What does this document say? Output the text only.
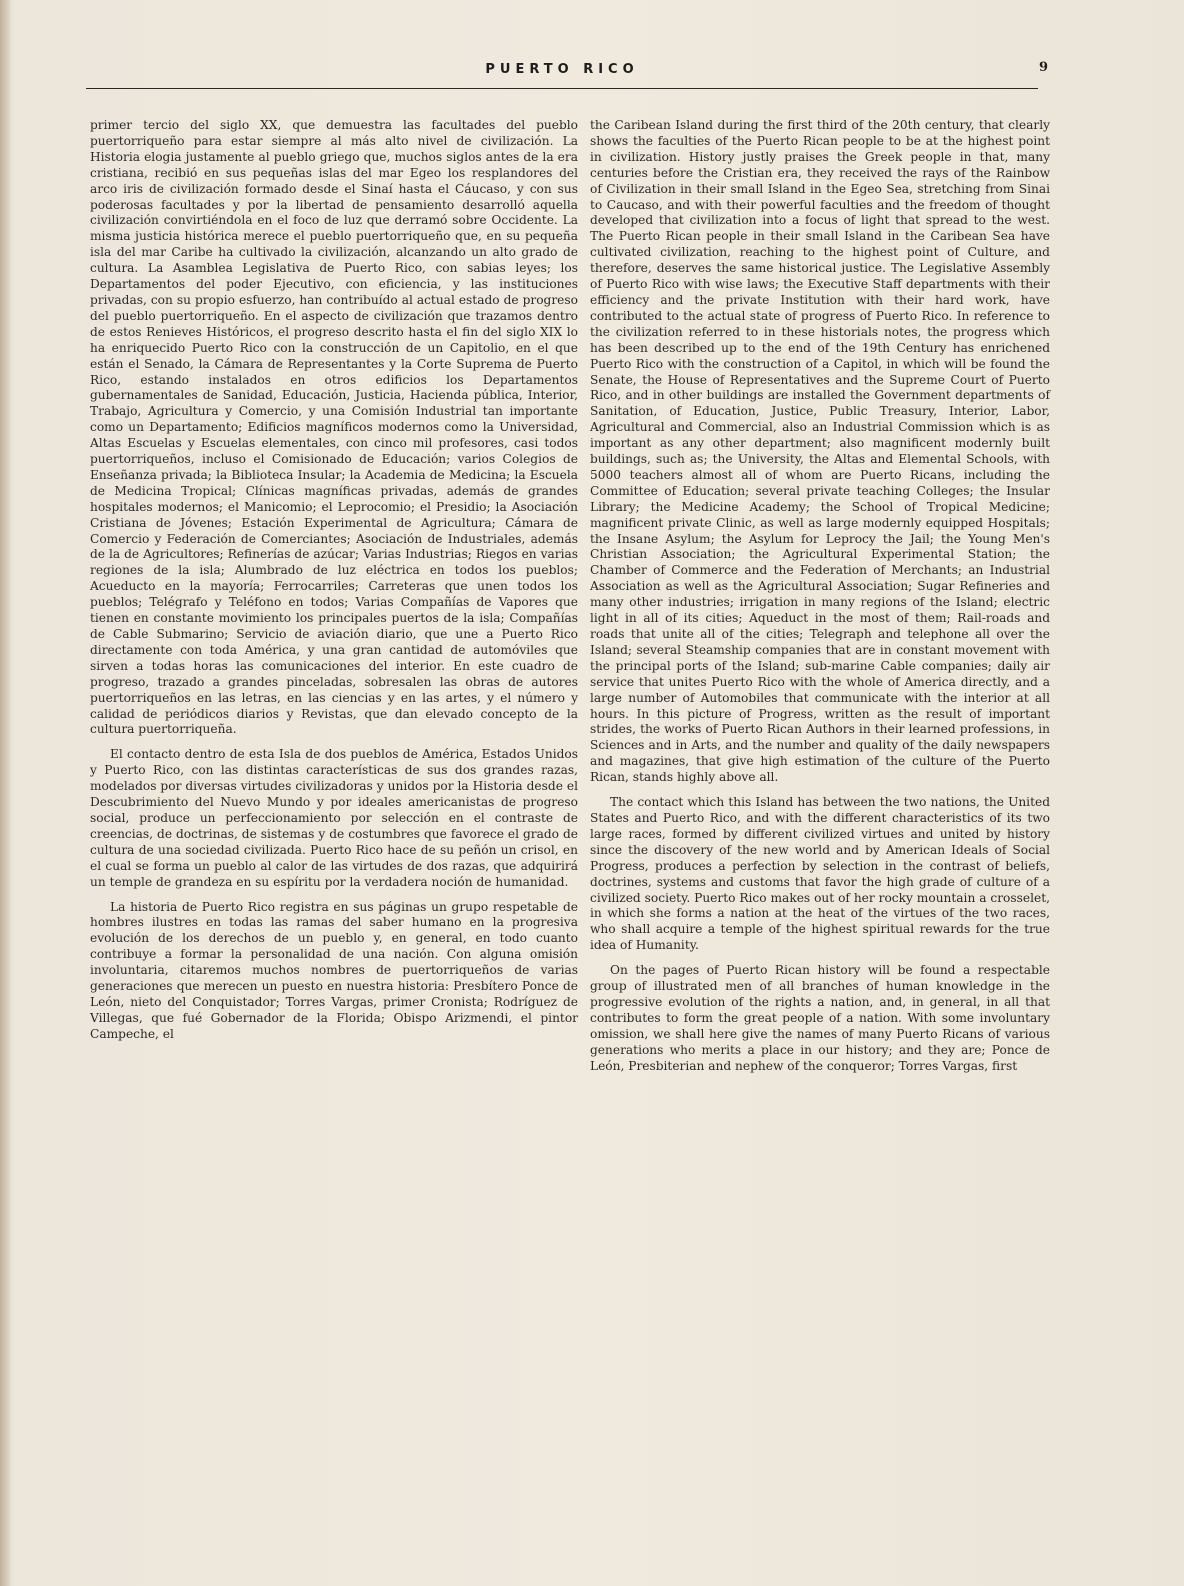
PUERTO RICO	9

primer tercio del siglo XX, que demuestra las facultades del pueblo puertorriqueño para estar siempre al más alto nivel de civilización. La Historia elogia justamente al pueblo griego que, muchos siglos antes de la era cristiana, recibió en sus pequeñas islas del mar Egeo los resplandores del arco iris de civilización formado desde el Sinaí hasta el Cáucaso, y con sus poderosas facultades y por la libertad de pensamiento desarrolló aquella civilización convirtiéndola en el foco de luz que derramó sobre Occidente. La misma justicia histórica merece el pueblo puertorriqueño que, en su pequeña isla del mar Caribe ha cultivado la civilización, alcanzando un alto grado de cultura. La Asamblea Legislativa de Puerto Rico, con sabias leyes; los Departamentos del poder Ejecutivo, con eficiencia, y las instituciones privadas, con su propio esfuerzo, han contribuído al actual estado de progreso del pueblo puertorriqueño. En el aspecto de civilización que trazamos dentro de estos Renieves Históricos, el progreso descrito hasta el fin del siglo XIX lo ha enriquecido Puerto Rico con la construcción de un Capitolio, en el que están el Senado, la Cámara de Representantes y la Corte Suprema de Puerto Rico, estando instalados en otros edificios los Departamentos gubernamentales de Sanidad, Educación, Justicia, Hacienda pública, Interior, Trabajo, Agricultura y Comercio, y una Comisión Industrial tan importante como un Departamento; Edificios magníficos modernos como la Universidad, Altas Escuelas y Escuelas elementales, con cinco mil profesores, casi todos puertorriqueños, incluso el Comisionado de Educación; varios Colegios de Enseñanza privada; la Biblioteca Insular; la Academia de Medicina; la Escuela de Medicina Tropical; Clínicas magníficas privadas, además de grandes hospitales modernos; el Manicomio; el Leprocomio; el Presidio; la Asociación Cristiana de Jóvenes; Estación Experimental de Agricultura; Cámara de Comercio y Federación de Comerciantes; Asociación de Industriales, además de la de Agricultores; Refinerías de azúcar; Varias Industrias; Riegos en varias regiones de la isla; Alumbrado de luz eléctrica en todos los pueblos; Acueducto en la mayoría; Ferrocarriles; Carreteras que unen todos los pueblos; Telégrafo y Teléfono en todos; Varias Compañías de Vapores que tienen en constante movimiento los principales puertos de la isla; Compañías de Cable Submarino; Servicio de aviación diario, que une a Puerto Rico directamente con toda América, y una gran cantidad de automóviles que sirven a todas horas las comunicaciones del interior. En este cuadro de progreso, trazado a grandes pinceladas, sobresalen las obras de autores puertorriqueños en las letras, en las ciencias y en las artes, y el número y calidad de periódicos diarios y Revistas, que dan elevado concepto de la cultura puertorriqueña.

El contacto dentro de esta Isla de dos pueblos de América, Estados Unidos y Puerto Rico, con las distintas características de sus dos grandes razas, modelados por diversas virtudes civilizadoras y unidos por la Historia desde el Descubrimiento del Nuevo Mundo y por ideales americanistas de progreso social, produce un perfeccionamiento por selección en el contraste de creencias, de doctrinas, de sistemas y de costumbres que favorece el grado de cultura de una sociedad civilizada. Puerto Rico hace de su peñón un crisol, en el cual se forma un pueblo al calor de las virtudes de dos razas, que adquirirá un temple de grandeza en su espíritu por la verdadera noción de humanidad.

La historia de Puerto Rico registra en sus páginas un grupo respetable de hombres ilustres en todas las ramas del saber humano en la progresiva evolución de los derechos de un pueblo y, en general, en todo cuanto contribuye a formar la personalidad de una nación. Con alguna omisión involuntaria, citaremos muchos nombres de puertorriqueños de varias generaciones que merecen un puesto en nuestra historia: Presbítero Ponce de León, nieto del Conquistador; Torres Vargas, primer Cronista; Rodríguez de Villegas, que fué Gobernador de la Florida; Obispo Arizmendi, el pintor Campeche, el

the Caribean Island during the first third of the 20th century, that clearly shows the faculties of the Puerto Rican people to be at the highest point in civilization. History justly praises the Greek people in that, many centuries before the Cristian era, they received the rays of the Rainbow of Civilization in their small Island in the Egeo Sea, stretching from Sinai to Caucaso, and with their powerful faculties and the freedom of thought developed that civilization into a focus of light that spread to the west. The Puerto Rican people in their small Island in the Caribean Sea have cultivated civilization, reaching to the highest point of Culture, and therefore, deserves the same historical justice. The Legislative Assembly of Puerto Rico with wise laws; the Executive Staff departments with their efficiency and the private Institution with their hard work, have contributed to the actual state of progress of Puerto Rico. In reference to the civilization referred to in these historials notes, the progress which has been described up to the end of the 19th Century has enrichened Puerto Rico with the construction of a Capitol, in which will be found the Senate, the House of Representatives and the Supreme Court of Puerto Rico, and in other buildings are installed the Government departments of Sanitation, of Education, Justice, Public Treasury, Interior, Labor, Agricultural and Commercial, also an Industrial Commission which is as important as any other department; also magnificent modernly built buildings, such as; the University, the Altas and Elemental Schools, with 5000 teachers almost all of whom are Puerto Ricans, including the Committee of Education; several private teaching Colleges; the Insular Library; the Medicine Academy; the School of Tropical Medicine; magnificent private Clinic, as well as large modernly equipped Hospitals; the Insane Asylum; the Asylum for Leprocy the Jail; the Young Men's Christian Association; the Agricultural Experimental Station; the Chamber of Commerce and the Federation of Merchants; an Industrial Association as well as the Agricultural Association; Sugar Refineries and many other industries; irrigation in many regions of the Island; electric light in all of its cities; Aqueduct in the most of them; Rail-roads and roads that unite all of the cities; Telegraph and telephone all over the Island; several Steamship companies that are in constant movement with the principal ports of the Island; sub-marine Cable companies; daily air service that unites Puerto Rico with the whole of America directly, and a large number of Automobiles that communicate with the interior at all hours. In this picture of Progress, written as the result of important strides, the works of Puerto Rican Authors in their learned professions, in Sciences and in Arts, and the number and quality of the daily newspapers and magazines, that give high estimation of the culture of the Puerto Rican, stands highly above all.

The contact which this Island has between the two nations, the United States and Puerto Rico, and with the different characteristics of its two large races, formed by different civilized virtues and united by history since the discovery of the new world and by American Ideals of Social Progress, produces a perfection by selection in the contrast of beliefs, doctrines, systems and customs that favor the high grade of culture of a civilized society. Puerto Rico makes out of her rocky mountain a crosselet, in which she forms a nation at the heat of the virtues of the two races, who shall acquire a temple of the highest spiritual rewards for the true idea of Humanity.

On the pages of Puerto Rican history will be found a respectable group of illustrated men of all branches of human knowledge in the progressive evolution of the rights a nation, and, in general, in all that contributes to form the great people of a nation. With some involuntary omission, we shall here give the names of many Puerto Ricans of various generations who merits a place in our history; and they are; Ponce de León, Presbiterian and nephew of the conqueror; Torres Vargas, first
